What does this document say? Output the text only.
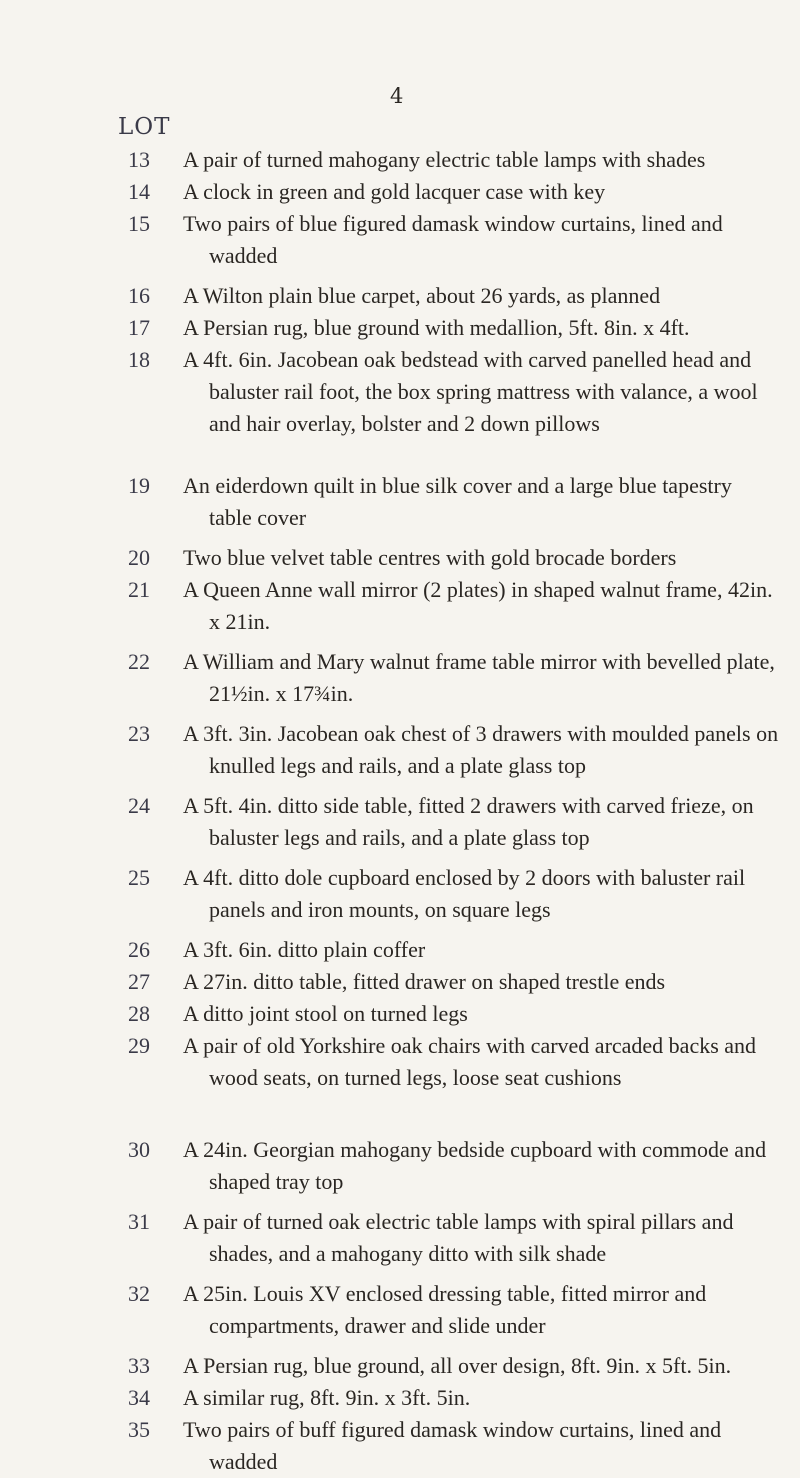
4
LOT
13	A pair of turned mahogany electric table lamps with shades
14	A clock in green and gold lacquer case with key
15	Two pairs of blue figured damask window curtains, lined and wadded
16	A Wilton plain blue carpet, about 26 yards, as planned
17	A Persian rug, blue ground with medallion, 5ft. 8in. x 4ft.
18	A 4ft. 6in. Jacobean oak bedstead with carved panelled head and baluster rail foot, the box spring mattress with valance, a wool and hair overlay, bolster and 2 down pillows
19	An eiderdown quilt in blue silk cover and a large blue tapestry table cover
20	Two blue velvet table centres with gold brocade borders
21	A Queen Anne wall mirror (2 plates) in shaped walnut frame, 42in. x 21in.
22	A William and Mary walnut frame table mirror with bevelled plate, 21½in. x 17¾in.
23	A 3ft. 3in. Jacobean oak chest of 3 drawers with moulded panels on knulled legs and rails, and a plate glass top
24	A 5ft. 4in. ditto side table, fitted 2 drawers with carved frieze, on baluster legs and rails, and a plate glass top
25	A 4ft. ditto dole cupboard enclosed by 2 doors with baluster rail panels and iron mounts, on square legs
26	A 3ft. 6in. ditto plain coffer
27	A 27in. ditto table, fitted drawer on shaped trestle ends
28	A ditto joint stool on turned legs
29	A pair of old Yorkshire oak chairs with carved arcaded backs and wood seats, on turned legs, loose seat cushions
30	A 24in. Georgian mahogany bedside cupboard with commode and shaped tray top
31	A pair of turned oak electric table lamps with spiral pillars and shades, and a mahogany ditto with silk shade
32	A 25in. Louis XV enclosed dressing table, fitted mirror and compartments, drawer and slide under
33	A Persian rug, blue ground, all over design, 8ft. 9in. x 5ft. 5in.
34	A similar rug, 8ft. 9in. x 3ft. 5in.
35	Two pairs of buff figured damask window curtains, lined and wadded
